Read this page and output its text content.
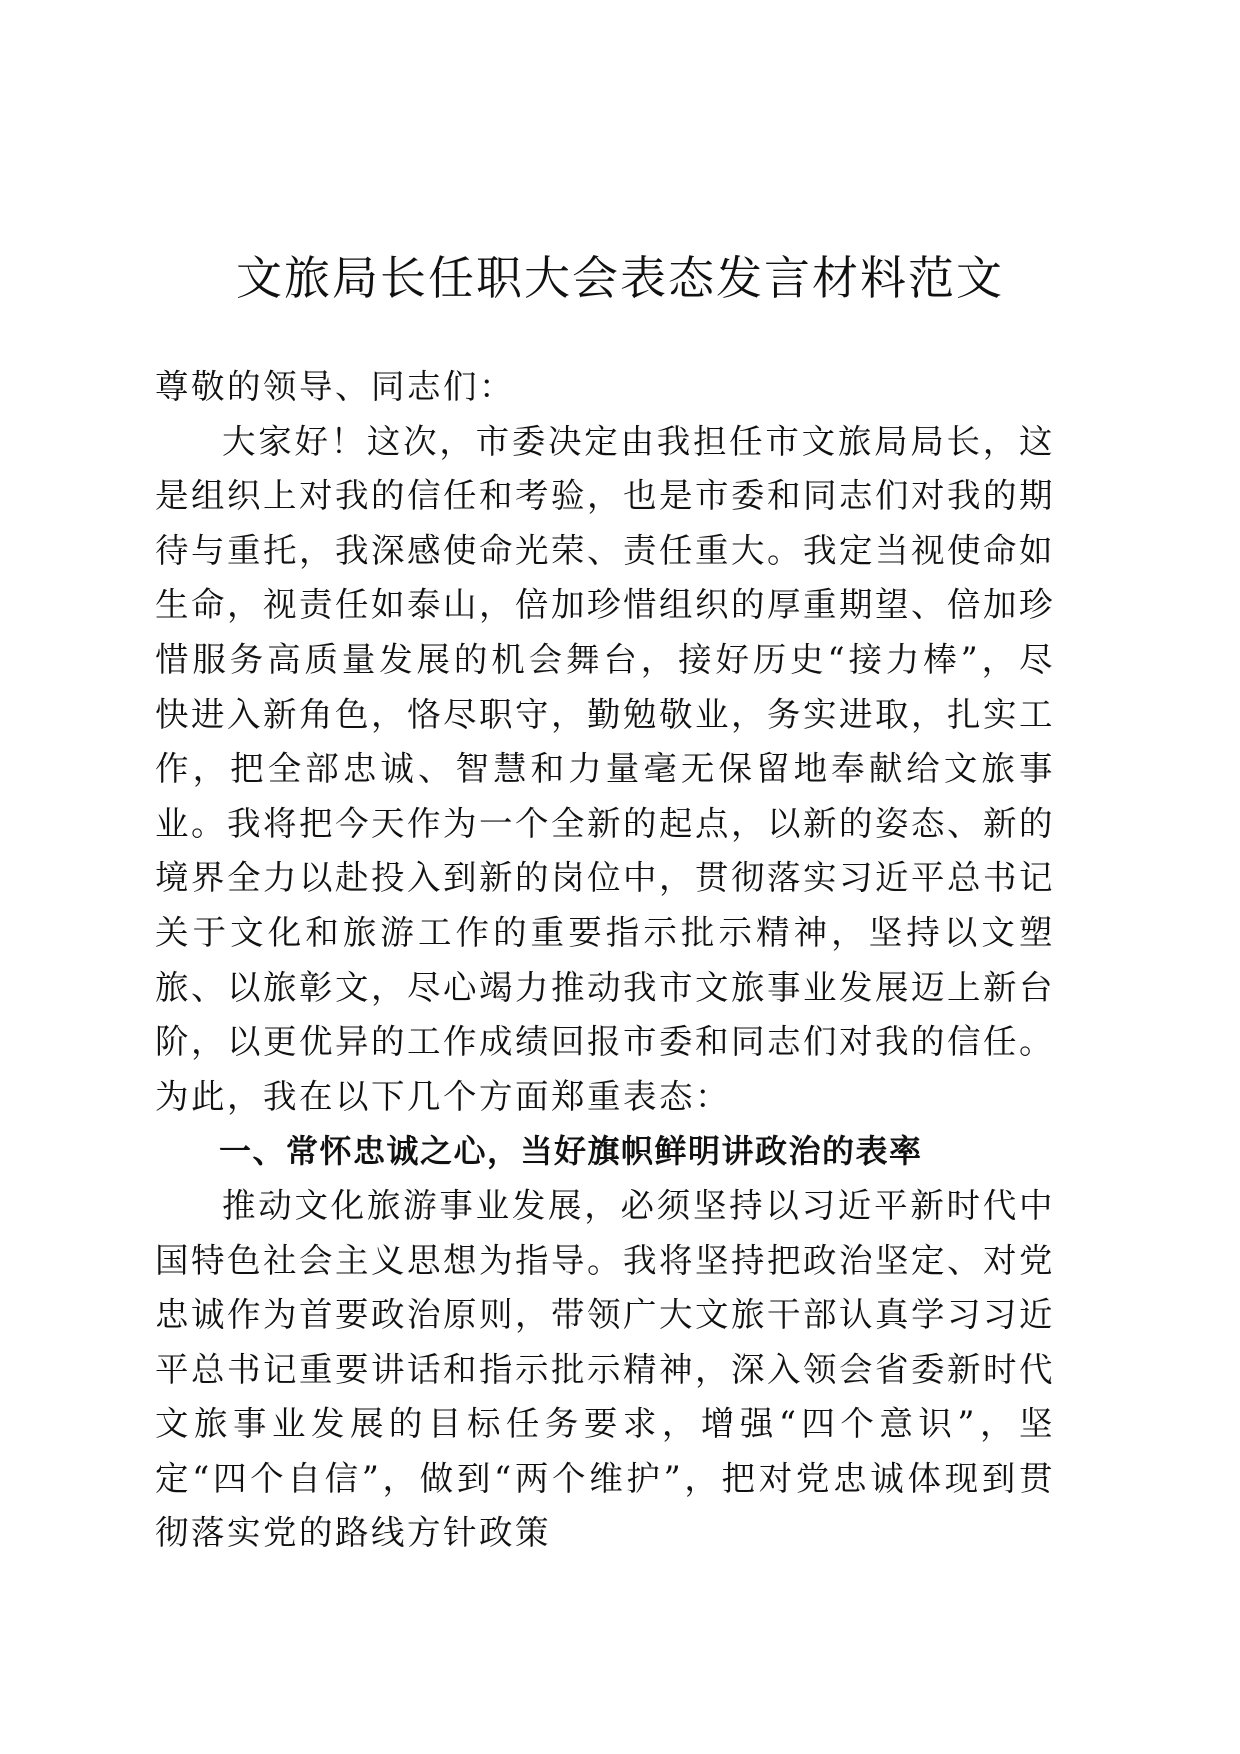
文旅局长任职大会表态发言材料范文

尊敬的领导、同志们：

大家好！这次，市委决定由我担任市文旅局局长，这是组织上对我的信任和考验，也是市委和同志们对我的期待与重托，我深感使命光荣、责任重大。我定当视使命如生命，视责任如泰山，倍加珍惜组织的厚重期望、倍加珍惜服务高质量发展的机会舞台，接好历史“接力棒”，尽快进入新角色，恪尽职守，勤勉敬业，务实进取，扎实工作，把全部忠诚、智慧和力量毫无保留地奉献给文旅事业。我将把今天作为一个全新的起点，以新的姿态、新的境界全力以赴投入到新的岗位中，贯彻落实习近平总书记关于文化和旅游工作的重要指示批示精神，坚持以文塑旅、以旅彰文，尽心竭力推动我市文旅事业发展迈上新台阶，以更优异的工作成绩回报市委和同志们对我的信任。为此，我在以下几个方面郑重表态：

一、常怀忠诚之心，当好旗帜鲜明讲政治的表率

推动文化旅游事业发展，必须坚持以习近平新时代中国特色社会主义思想为指导。我将坚持把政治坚定、对党忠诚作为首要政治原则，带领广大文旅干部认真学习习近平总书记重要讲话和指示批示精神，深入领会省委新时代文旅事业发展的目标任务要求，增强“四个意识”，坚定“四个自信”，做到“两个维护”，把对党忠诚体现到贯彻落实党的路线方针政策
